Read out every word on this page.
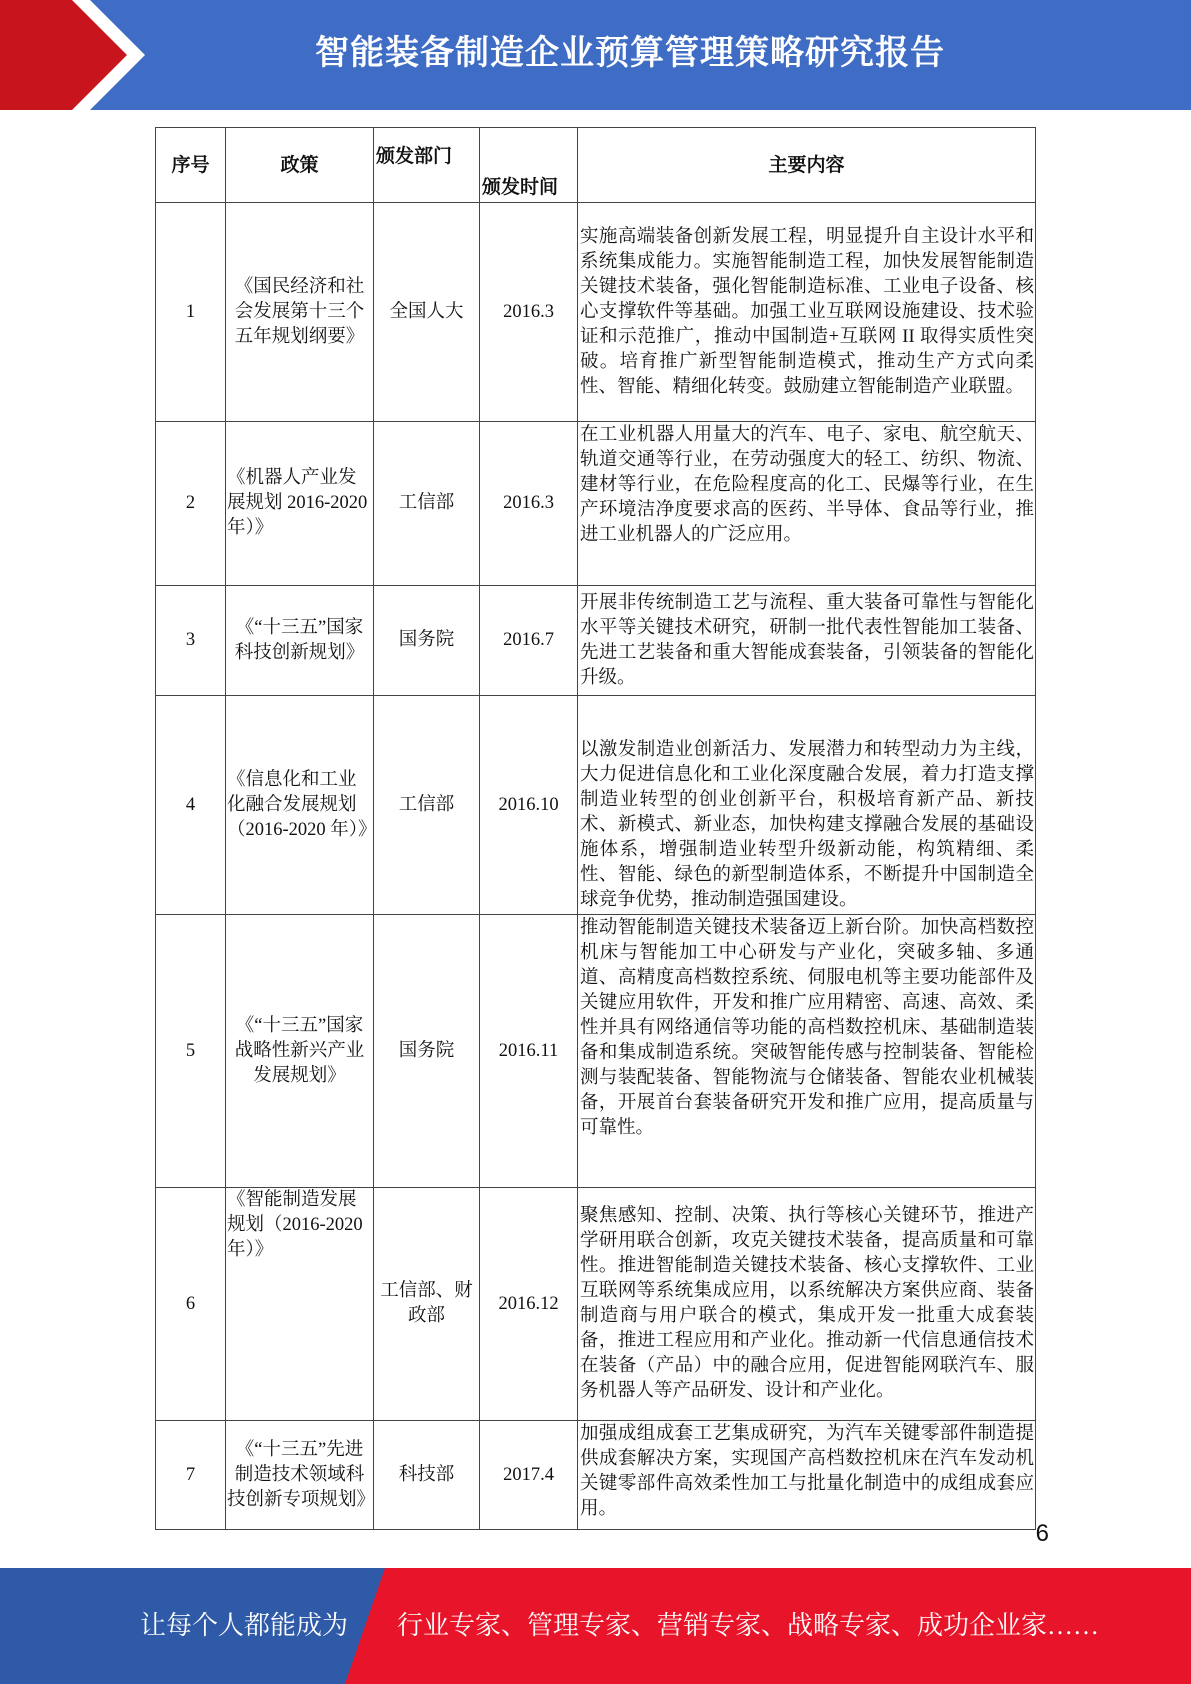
智能装备制造企业预算管理策略研究报告
序号	政策	颁发部门	颁发时间	主要内容
1	《国民经济和社会发展第十三个五年规划纲要》	全国人大	2016.3	实施高端装备创新发展工程，明显提升自主设计水平和系统集成能力。实施智能制造工程，加快发展智能制造关键技术装备，强化智能制造标准、工业电子设备、核心支撑软件等基础。加强工业互联网设施建设、技术验证和示范推广，推动中国制造+互联网 II 取得实质性突破。培育推广新型智能制造模式，推动生产方式向柔性、智能、精细化转变。鼓励建立智能制造产业联盟。
2	《机器人产业发展规划 2016-2020 年）》	工信部	2016.3	在工业机器人用量大的汽车、电子、家电、航空航天、轨道交通等行业，在劳动强度大的轻工、纺织、物流、建材等行业，在危险程度高的化工、民爆等行业，在生产环境洁净度要求高的医药、半导体、食品等行业，推进工业机器人的广泛应用。
3	《“十三五”国家科技创新规划》	国务院	2016.7	开展非传统制造工艺与流程、重大装备可靠性与智能化水平等关键技术研究，研制一批代表性智能加工装备、先进工艺装备和重大智能成套装备，引领装备的智能化升级。
4	《信息化和工业化融合发展规划（2016-2020 年）》	工信部	2016.10	以激发制造业创新活力、发展潜力和转型动力为主线，大力促进信息化和工业化深度融合发展，着力打造支撑制造业转型的创业创新平台，积极培育新产品、新技术、新模式、新业态，加快构建支撑融合发展的基础设施体系，增强制造业转型升级新动能，构筑精细、柔性、智能、绿色的新型制造体系，不断提升中国制造全球竞争优势，推动制造强国建设。
5	《“十三五”国家战略性新兴产业发展规划》	国务院	2016.11	推动智能制造关键技术装备迈上新台阶。加快高档数控机床与智能加工中心研发与产业化，突破多轴、多通道、高精度高档数控系统、伺服电机等主要功能部件及关键应用软件，开发和推广应用精密、高速、高效、柔性并具有网络通信等功能的高档数控机床、基础制造装备和集成制造系统。突破智能传感与控制装备、智能检测与装配装备、智能物流与仓储装备、智能农业机械装备，开展首台套装备研究开发和推广应用，提高质量与可靠性。
6	《智能制造发展规划（2016-2020 年）》	工信部、财政部	2016.12	聚焦感知、控制、决策、执行等核心关键环节，推进产学研用联合创新，攻克关键技术装备，提高质量和可靠性。推进智能制造关键技术装备、核心支撑软件、工业互联网等系统集成应用，以系统解决方案供应商、装备制造商与用户联合的模式，集成开发一批重大成套装备，推进工程应用和产业化。推动新一代信息通信技术在装备（产品）中的融合应用，促进智能网联汽车、服务机器人等产品研发、设计和产业化。
7	《“十三五”先进制造技术领域科技创新专项规划》	科技部	2017.4	加强成组成套工艺集成研究，为汽车关键零部件制造提供成套解决方案，实现国产高档数控机床在汽车发动机关键零部件高效柔性加工与批量化制造中的成组成套应用。
6
让每个人都能成为 行业专家、管理专家、营销专家、战略专家、成功企业家……
